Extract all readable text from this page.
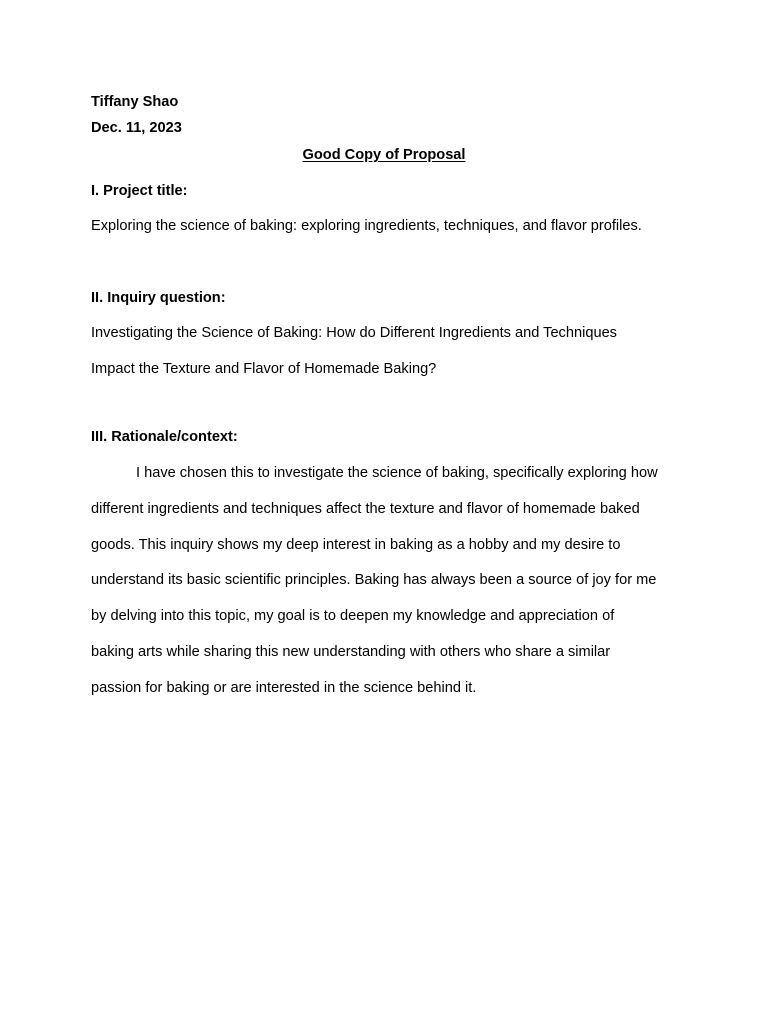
Tiffany Shao
Dec. 11, 2023
Good Copy of Proposal
I. Project title:
Exploring the science of baking: exploring ingredients, techniques, and flavor profiles.
II. Inquiry question:
Investigating the Science of Baking: How do Different Ingredients and Techniques
Impact the Texture and Flavor of Homemade Baking?
III. Rationale/context:
I have chosen this to investigate the science of baking, specifically exploring how
different ingredients and techniques affect the texture and flavor of homemade baked
goods. This inquiry shows my deep interest in baking as a hobby and my desire to
understand its basic scientific principles. Baking has always been a source of joy for me
by delving into this topic, my goal is to deepen my knowledge and appreciation of
baking arts while sharing this new understanding with others who share a similar
passion for baking or are interested in the science behind it.
